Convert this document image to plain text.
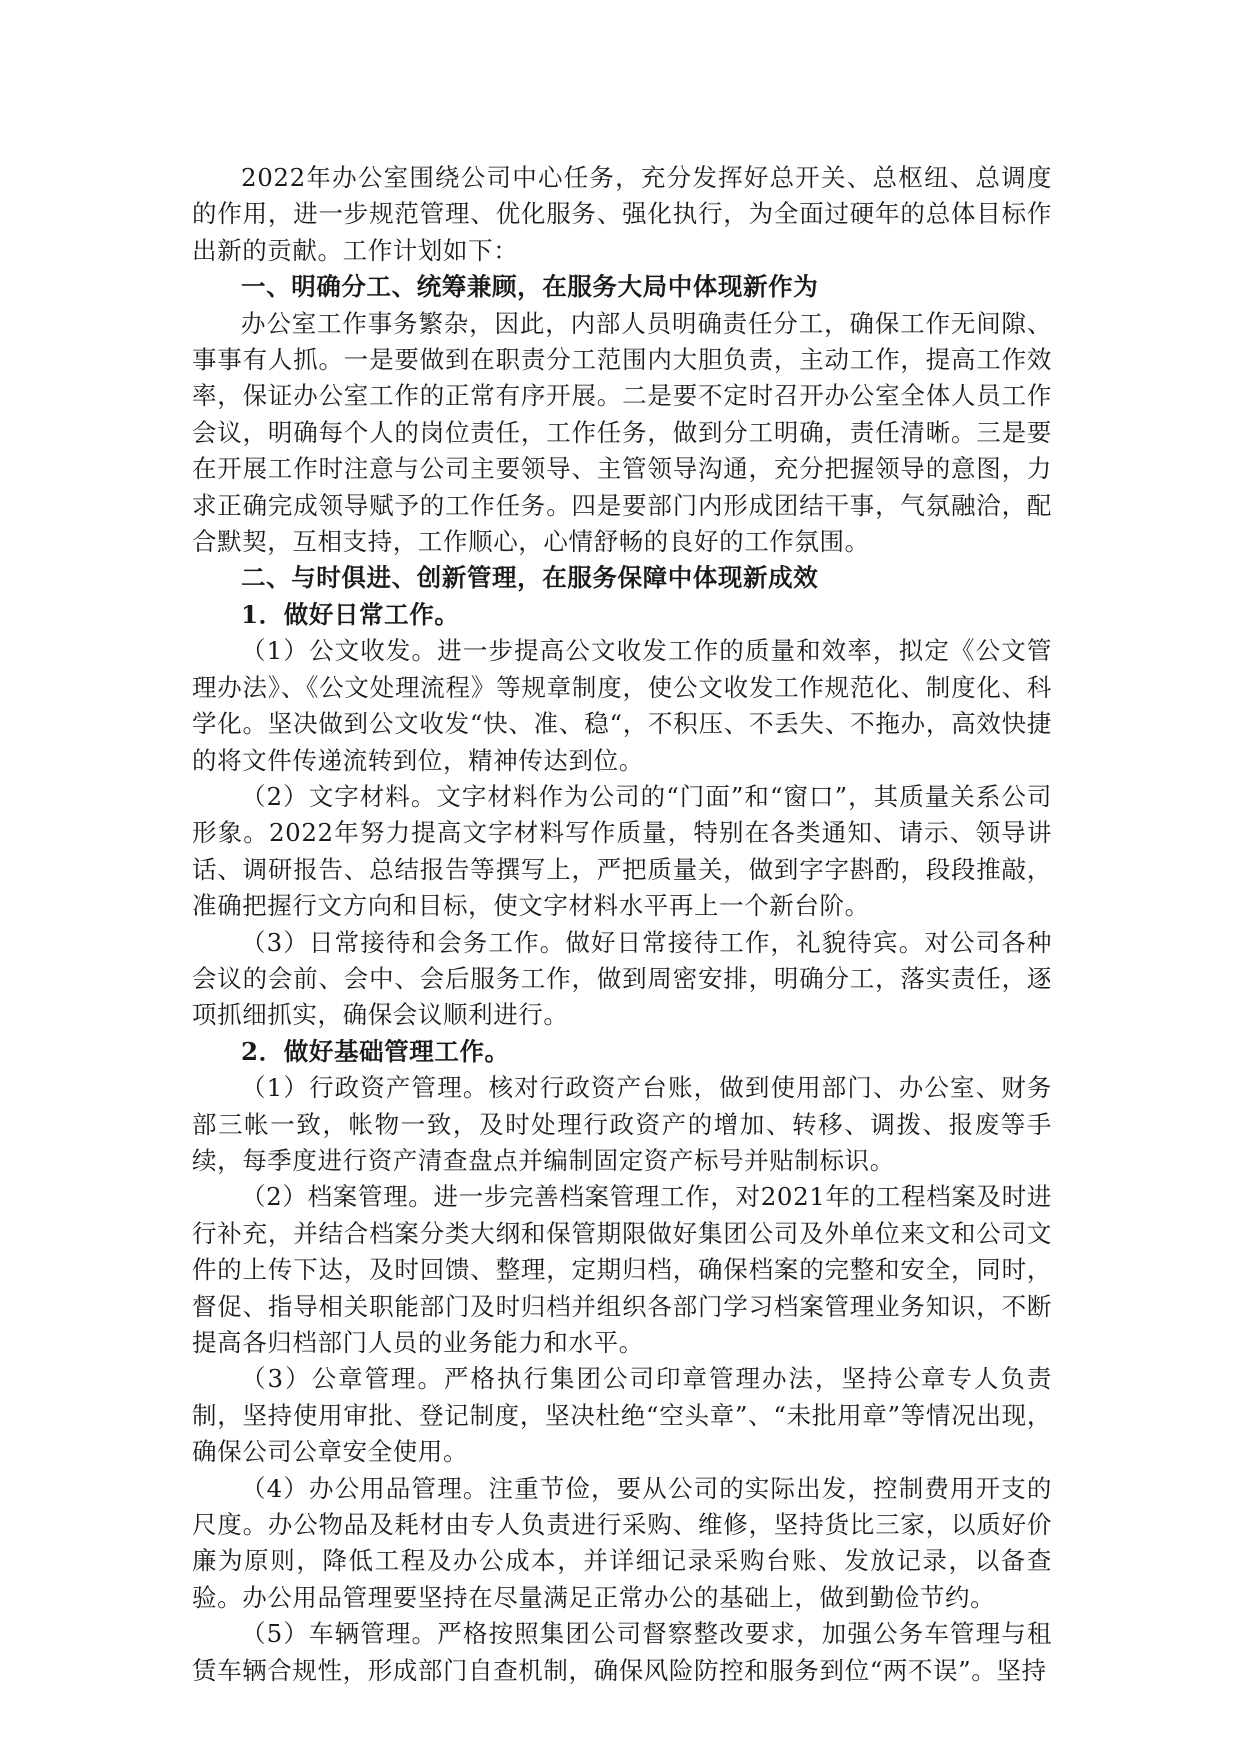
2022年办公室围绕公司中心任务，充分发挥好总开关、总枢纽、总调度的作用，进一步规范管理、优化服务、强化执行，为全面过硬年的总体目标作出新的贡献。工作计划如下：

一、明确分工、统筹兼顾，在服务大局中体现新作为

办公室工作事务繁杂，因此，内部人员明确责任分工，确保工作无间隙、事事有人抓。一是要做到在职责分工范围内大胆负责，主动工作，提高工作效率，保证办公室工作的正常有序开展。二是要不定时召开办公室全体人员工作会议，明确每个人的岗位责任，工作任务，做到分工明确，责任清晰。三是要在开展工作时注意与公司主要领导、主管领导沟通，充分把握领导的意图，力求正确完成领导赋予的工作任务。四是要部门内形成团结干事，气氛融洽，配合默契，互相支持，工作顺心，心情舒畅的良好的工作氛围。

二、与时俱进、创新管理，在服务保障中体现新成效

1．做好日常工作。

（1）公文收发。进一步提高公文收发工作的质量和效率，拟定《公文管理办法》、《公文处理流程》等规章制度，使公文收发工作规范化、制度化、科学化。坚决做到公文收发“快、准、稳“，不积压、不丢失、不拖办，高效快捷的将文件传递流转到位，精神传达到位。

（2）文字材料。文字材料作为公司的“门面”和“窗口”，其质量关系公司形象。2022年努力提高文字材料写作质量，特别在各类通知、请示、领导讲话、调研报告、总结报告等撰写上，严把质量关，做到字字斟酌，段段推敲，准确把握行文方向和目标，使文字材料水平再上一个新台阶。

（3）日常接待和会务工作。做好日常接待工作，礼貌待宾。对公司各种会议的会前、会中、会后服务工作，做到周密安排，明确分工，落实责任，逐项抓细抓实，确保会议顺利进行。

2．做好基础管理工作。

（1）行政资产管理。核对行政资产台账，做到使用部门、办公室、财务部三帐一致，帐物一致，及时处理行政资产的增加、转移、调拨、报废等手续，每季度进行资产清查盘点并编制固定资产标号并贴制标识。

（2）档案管理。进一步完善档案管理工作，对2021年的工程档案及时进行补充，并结合档案分类大纲和保管期限做好集团公司及外单位来文和公司文件的上传下达，及时回馈、整理，定期归档，确保档案的完整和安全，同时，督促、指导相关职能部门及时归档并组织各部门学习档案管理业务知识，不断提高各归档部门人员的业务能力和水平。

（3）公章管理。严格执行集团公司印章管理办法，坚持公章专人负责制，坚持使用审批、登记制度，坚决杜绝“空头章”、“未批用章”等情况出现，确保公司公章安全使用。

（4）办公用品管理。注重节俭，要从公司的实际出发，控制费用开支的尺度。办公物品及耗材由专人负责进行采购、维修，坚持货比三家，以质好价廉为原则，降低工程及办公成本，并详细记录采购台账、发放记录，以备查验。办公用品管理要坚持在尽量满足正常办公的基础上，做到勤俭节约。

（5）车辆管理。严格按照集团公司督察整改要求，加强公务车管理与租赁车辆合规性，形成部门自查机制，确保风险防控和服务到位“两不误”。坚持
